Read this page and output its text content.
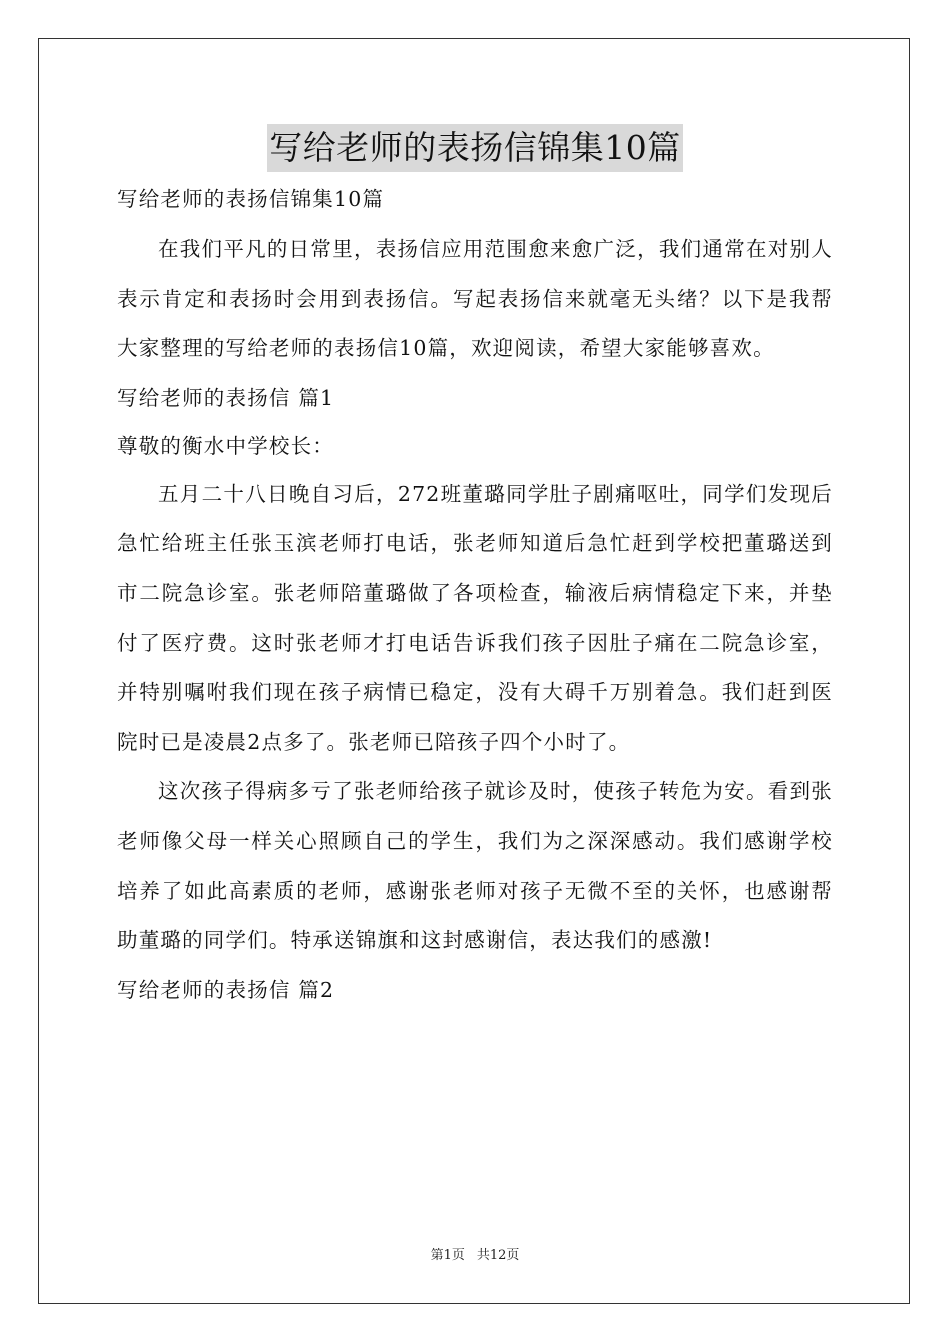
写给老师的表扬信锦集10篇

写给老师的表扬信锦集10篇

在我们平凡的日常里，表扬信应用范围愈来愈广泛，我们通常在对别人表示肯定和表扬时会用到表扬信。写起表扬信来就毫无头绪？以下是我帮大家整理的写给老师的表扬信10篇，欢迎阅读，希望大家能够喜欢。

写给老师的表扬信 篇1

尊敬的衡水中学校长：

五月二十八日晚自习后，272班董璐同学肚子剧痛呕吐，同学们发现后急忙给班主任张玉滨老师打电话，张老师知道后急忙赶到学校把董璐送到市二院急诊室。张老师陪董璐做了各项检查，输液后病情稳定下来，并垫付了医疗费。这时张老师才打电话告诉我们孩子因肚子痛在二院急诊室，并特别嘱咐我们现在孩子病情已稳定，没有大碍千万别着急。我们赶到医院时已是凌晨2点多了。张老师已陪孩子四个小时了。

这次孩子得病多亏了张老师给孩子就诊及时，使孩子转危为安。看到张老师像父母一样关心照顾自己的学生，我们为之深深感动。我们感谢学校培养了如此高素质的老师，感谢张老师对孩子无微不至的关怀，也感谢帮助董璐的同学们。特承送锦旗和这封感谢信，表达我们的感激!

写给老师的表扬信 篇2

第1页 共12页
